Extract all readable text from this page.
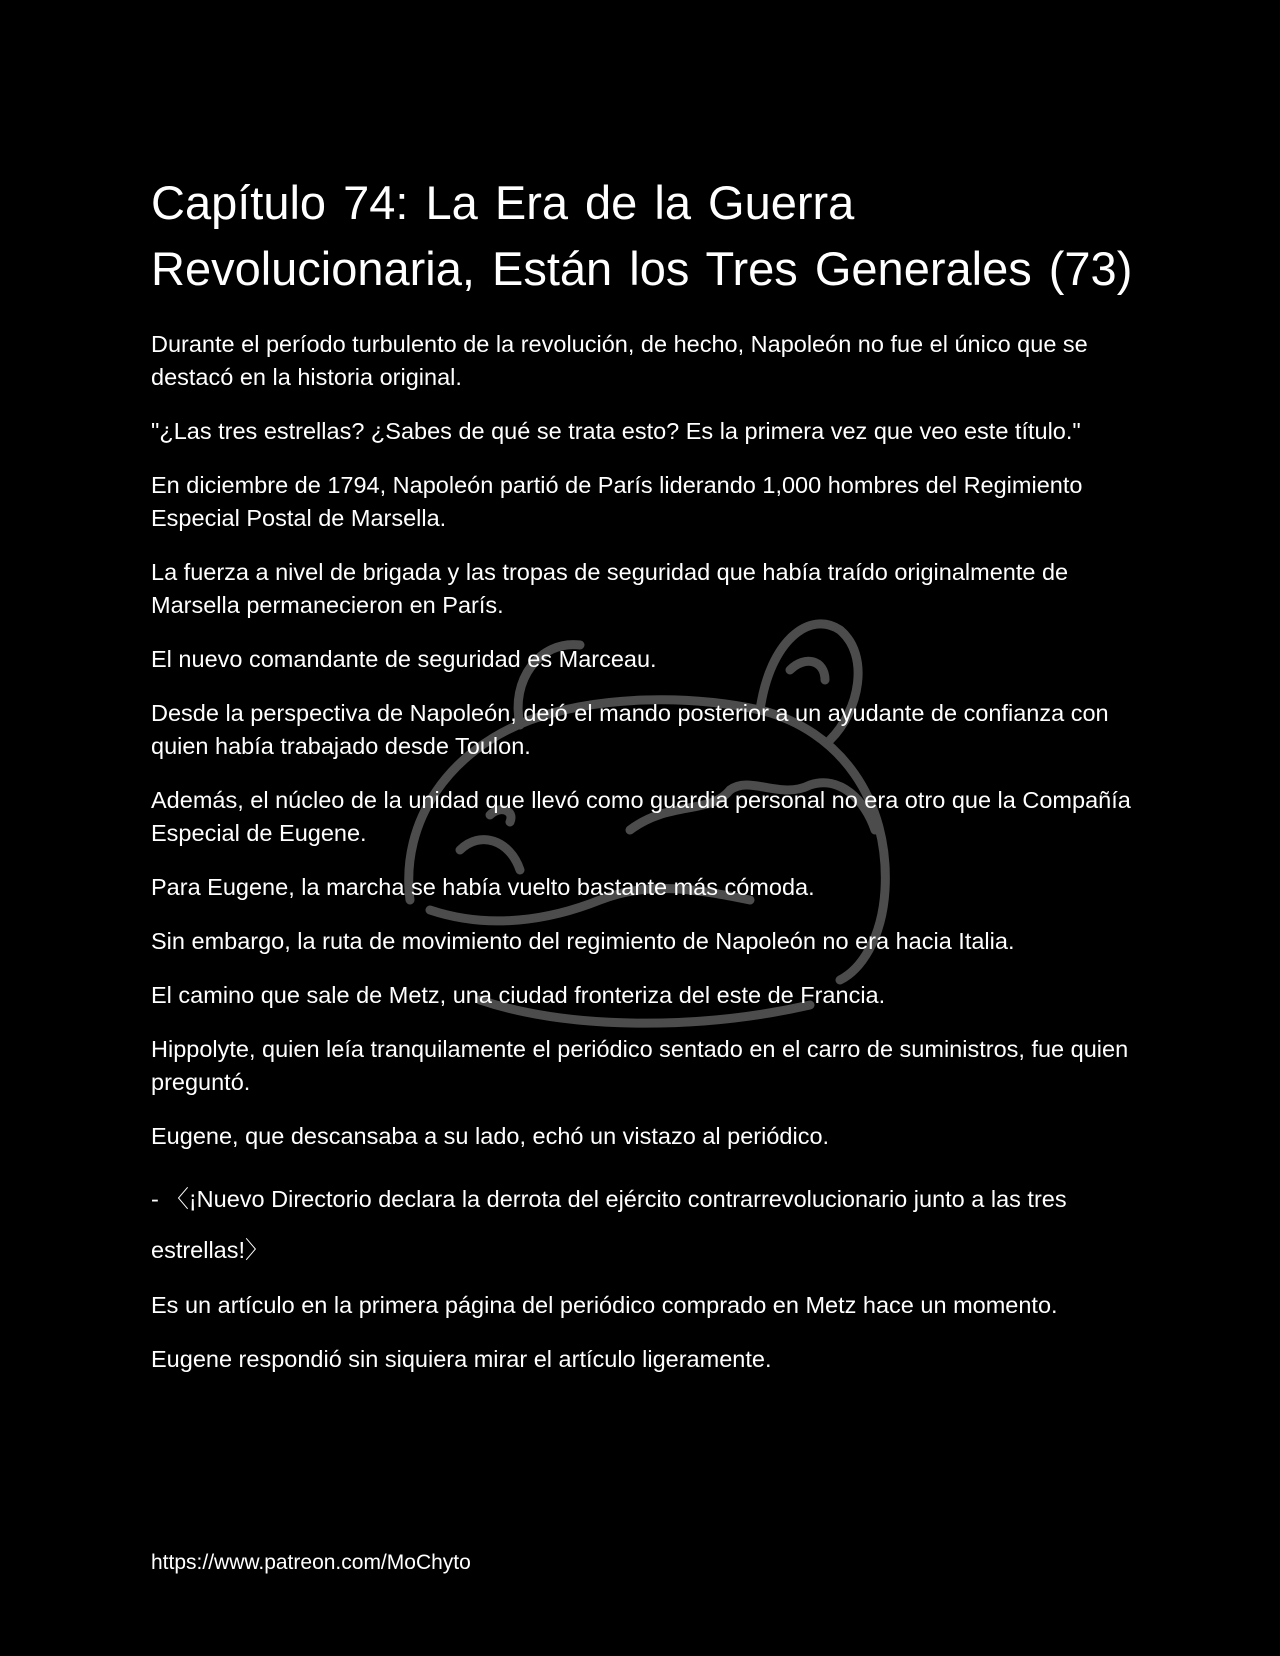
Capítulo 74: La Era de la Guerra Revolucionaria, Están los Tres Generales (73)

Durante el período turbulento de la revolución, de hecho, Napoleón no fue el único que se destacó en la historia original.

"¿Las tres estrellas? ¿Sabes de qué se trata esto? Es la primera vez que veo este título."

En diciembre de 1794, Napoleón partió de París liderando 1,000 hombres del Regimiento Especial Postal de Marsella.

La fuerza a nivel de brigada y las tropas de seguridad que había traído originalmente de Marsella permanecieron en París.

El nuevo comandante de seguridad es Marceau.

Desde la perspectiva de Napoleón, dejó el mando posterior a un ayudante de confianza con quien había trabajado desde Toulon.

Además, el núcleo de la unidad que llevó como guardia personal no era otro que la Compañía Especial de Eugene.

Para Eugene, la marcha se había vuelto bastante más cómoda.

Sin embargo, la ruta de movimiento del regimiento de Napoleón no era hacia Italia.

El camino que sale de Metz, una ciudad fronteriza del este de Francia.

Hippolyte, quien leía tranquilamente el periódico sentado en el carro de suministros, fue quien preguntó.

Eugene, que descansaba a su lado, echó un vistazo al periódico.

- 〈¡Nuevo Directorio declara la derrota del ejército contrarrevolucionario junto a las tres estrellas!〉

Es un artículo en la primera página del periódico comprado en Metz hace un momento.

Eugene respondió sin siquiera mirar el artículo ligeramente.

https://www.patreon.com/MoChyto
